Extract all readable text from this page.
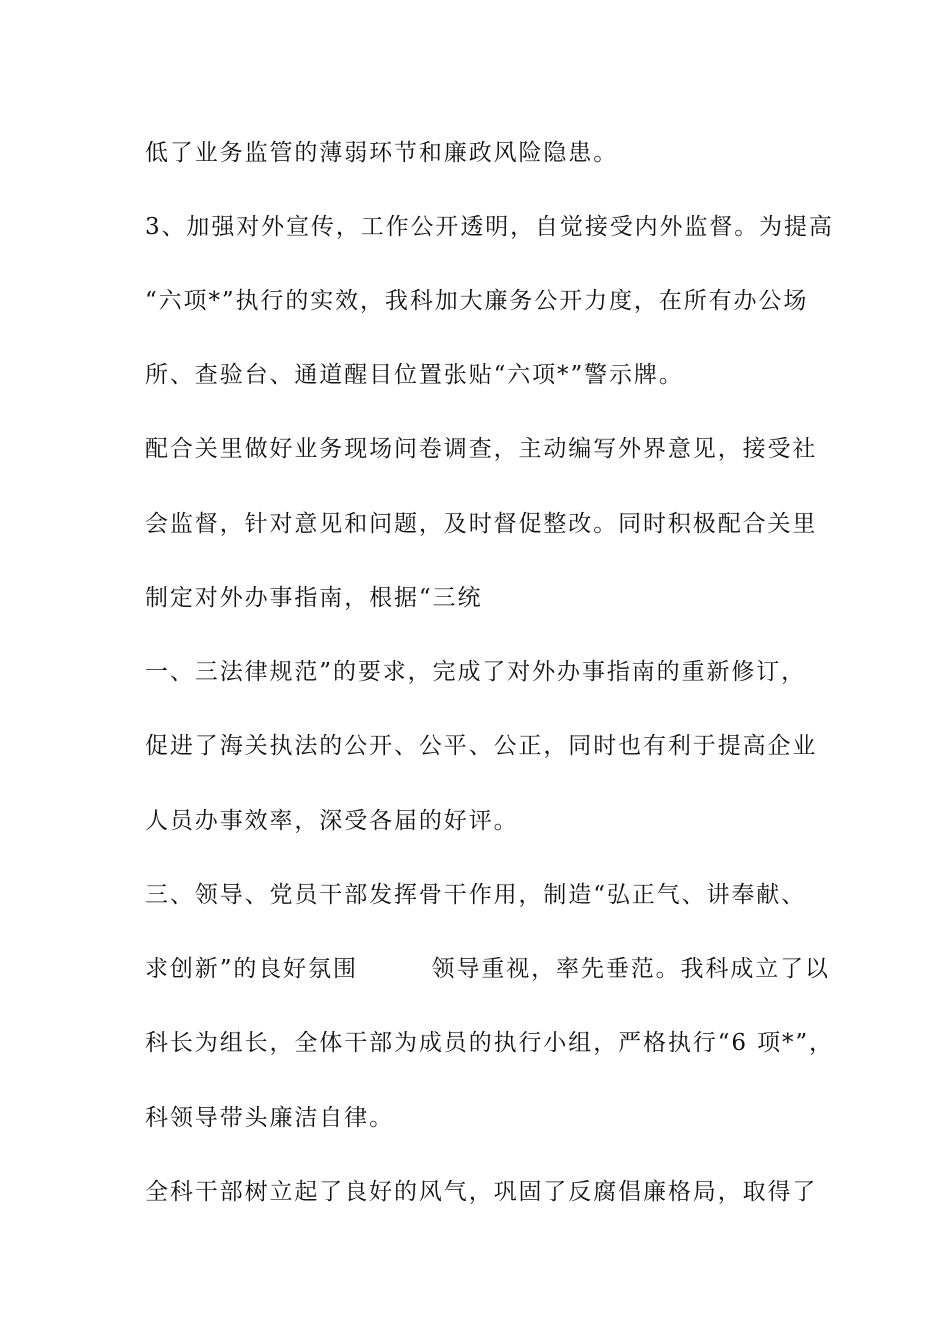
低了业务监管的薄弱环节和廉政风险隐患。

3、加强对外宣传，工作公开透明，自觉接受内外监督。为提高

“六项*”执行的实效，我科加大廉务公开力度，在所有办公场

所、查验台、通道醒目位置张贴“六项*”警示牌。

配合关里做好业务现场问卷调查，主动编写外界意见，接受社

会监督，针对意见和问题，及时督促整改。同时积极配合关里

制定对外办事指南，根据“三统

一、三法律规范”的要求，完成了对外办事指南的重新修订，

促进了海关执法的公开、公平、公正，同时也有利于提高企业

人员办事效率，深受各届的好评。

三、领导、党员干部发挥骨干作用，制造“弘正气、讲奉献、

求创新”的良好氛围        领导重视，率先垂范。我科成立了以

科长为组长，全体干部为成员的执行小组，严格执行“6 项*”，

科领导带头廉洁自律。

全科干部树立起了良好的风气，巩固了反腐倡廉格局，取得了
